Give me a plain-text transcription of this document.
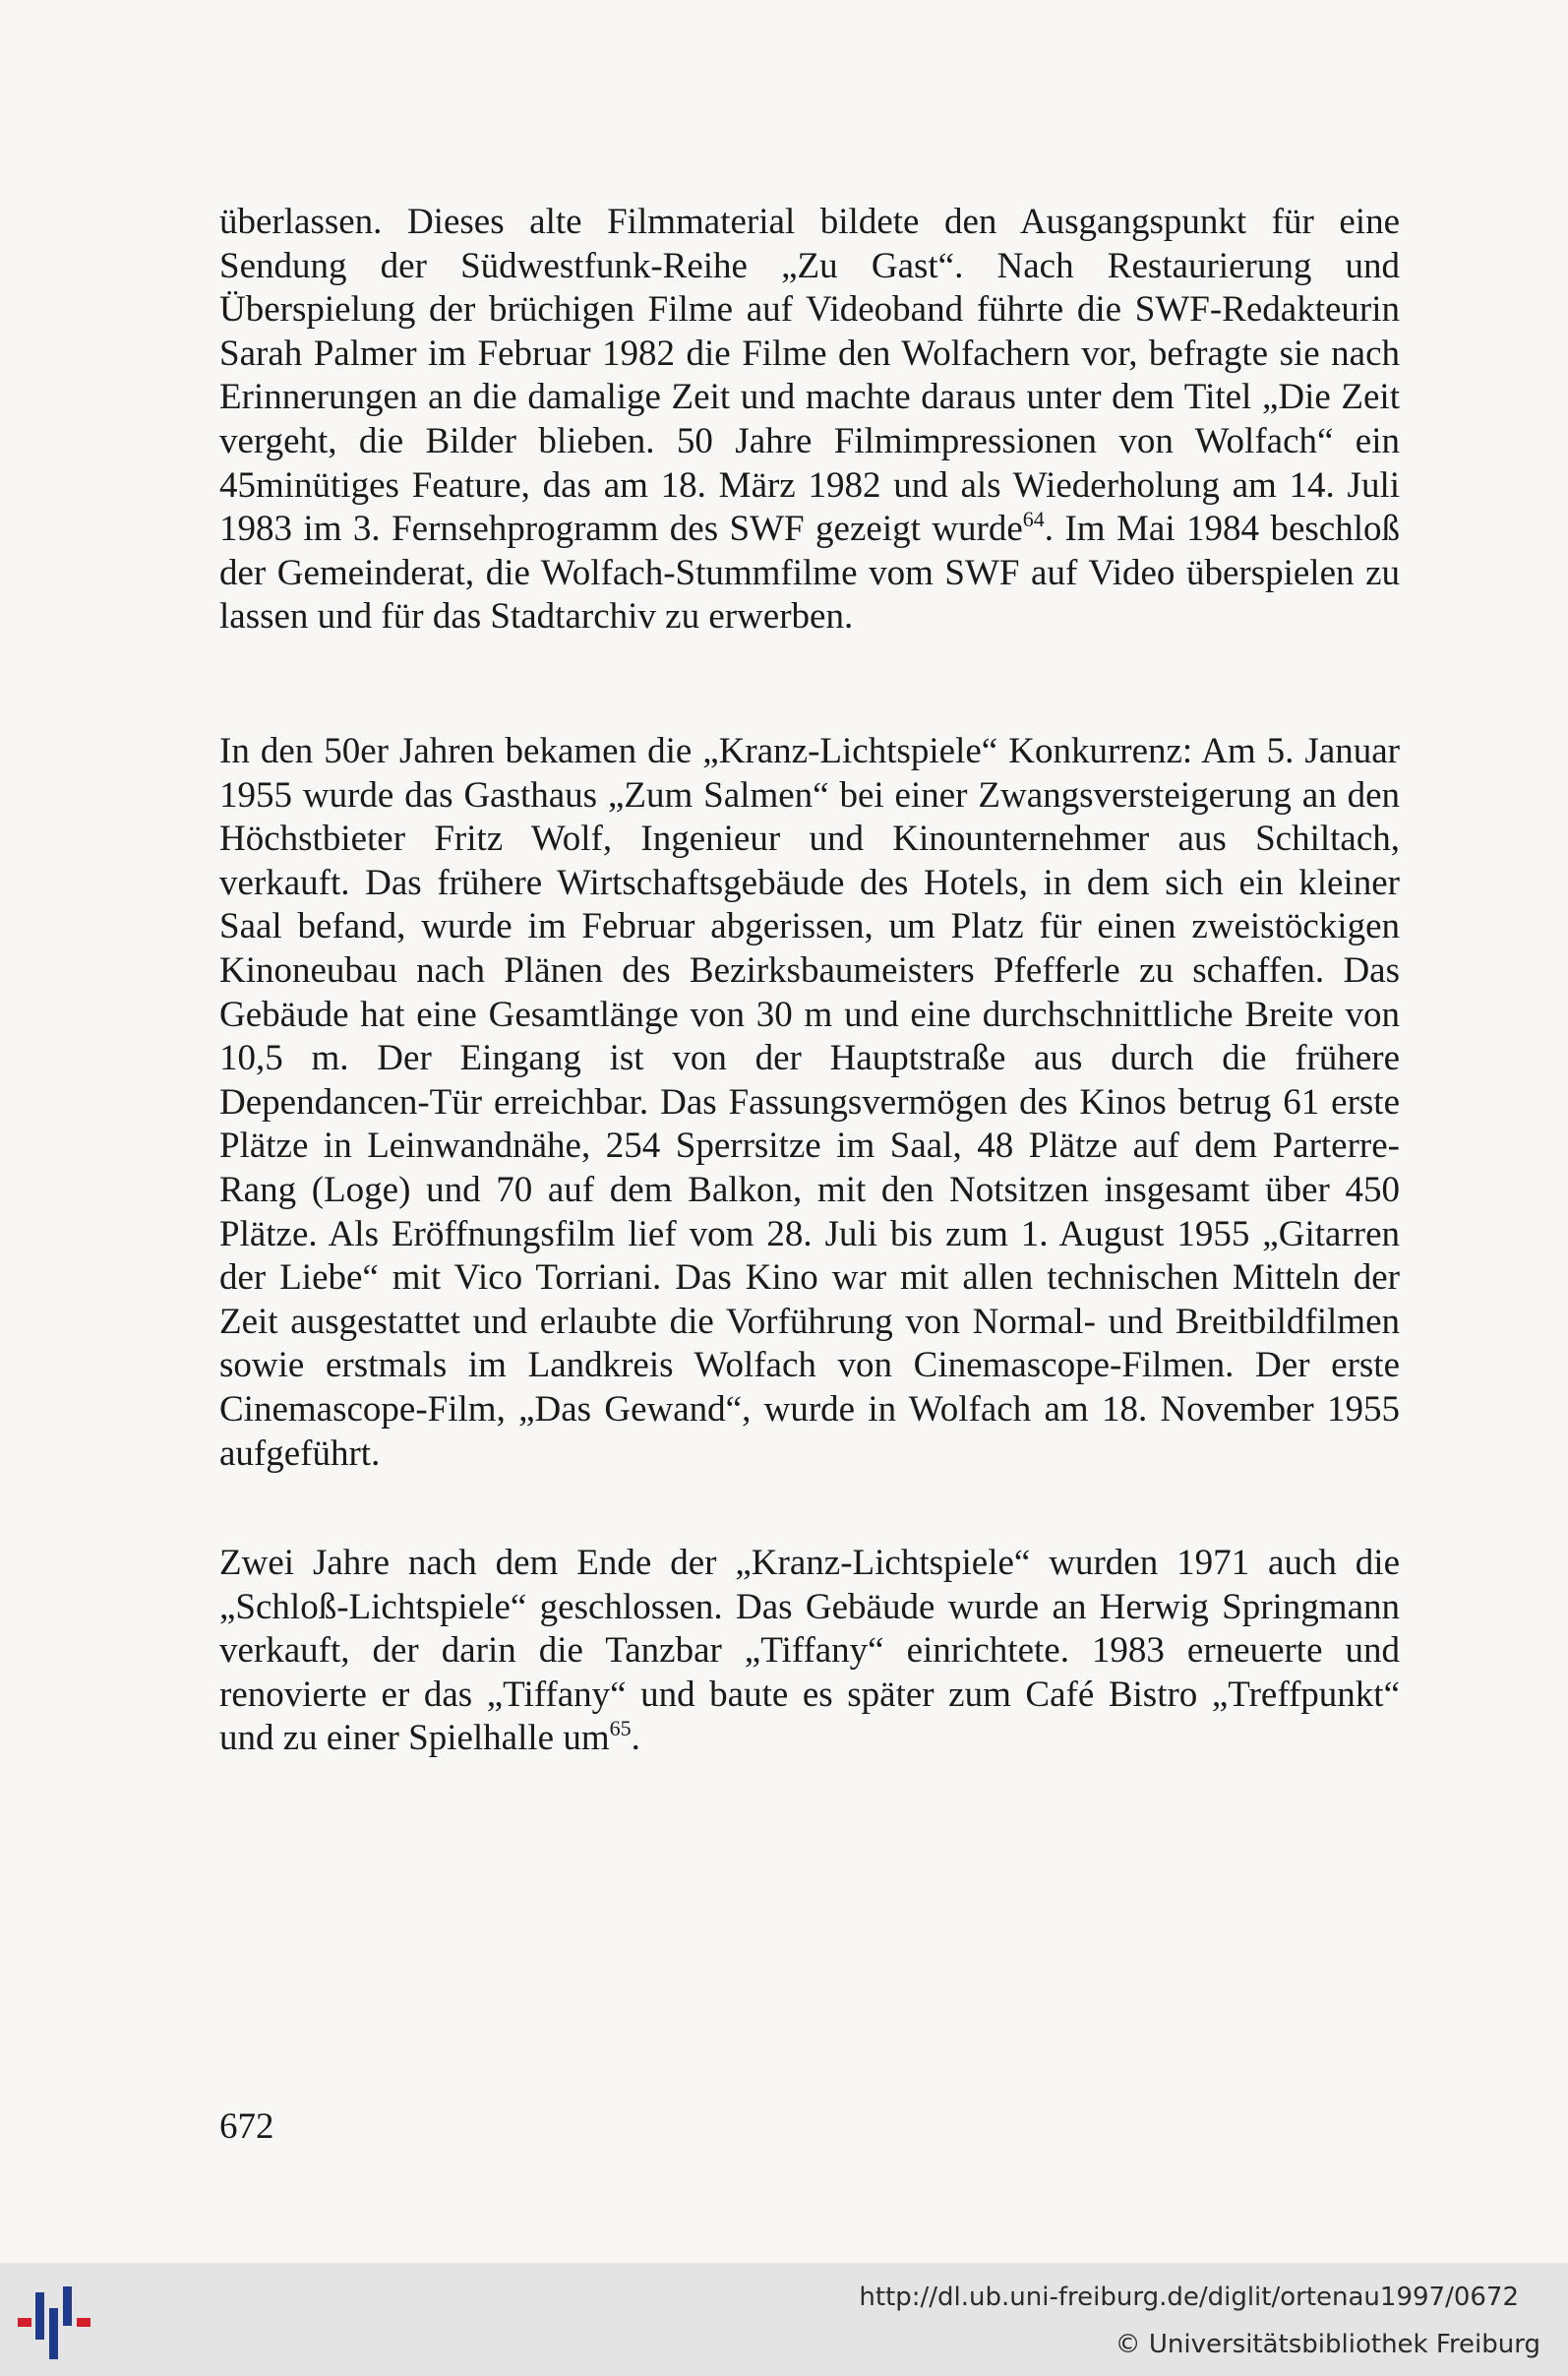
überlassen. Dieses alte Filmmaterial bildete den Ausgangspunkt für eine Sendung der Südwestfunk-Reihe „Zu Gast“. Nach Restaurierung und Überspielung der brüchigen Filme auf Videoband führte die SWF-Redakteurin Sarah Palmer im Februar 1982 die Filme den Wolfachern vor, befragte sie nach Erinnerungen an die damalige Zeit und machte daraus unter dem Titel „Die Zeit vergeht, die Bilder blieben. 50 Jahre Filmimpressionen von Wolfach“ ein 45minütiges Feature, das am 18. März 1982 und als Wiederholung am 14. Juli 1983 im 3. Fernsehprogramm des SWF gezeigt wurde$^{64}$. Im Mai 1984 beschloß der Gemeinderat, die Wolfach-Stummfilme vom SWF auf Video überspielen zu lassen und für das Stadtarchiv zu erwerben.

In den 50er Jahren bekamen die „Kranz-Lichtspiele“ Konkurrenz: Am 5. Januar 1955 wurde das Gasthaus „Zum Salmen“ bei einer Zwangsversteigerung an den Höchstbieter Fritz Wolf, Ingenieur und Kinounternehmer aus Schiltach, verkauft. Das frühere Wirtschaftsgebäude des Hotels, in dem sich ein kleiner Saal befand, wurde im Februar abgerissen, um Platz für einen zweistöckigen Kinoneubau nach Plänen des Bezirksbaumeisters Pfefferle zu schaffen. Das Gebäude hat eine Gesamtlänge von 30 m und eine durchschnittliche Breite von 10,5 m. Der Eingang ist von der Hauptstraße aus durch die frühere Dependancen-Tür erreichbar. Das Fassungsvermögen des Kinos betrug 61 erste Plätze in Leinwandnähe, 254 Sperrsitze im Saal, 48 Plätze auf dem Parterre-Rang (Loge) und 70 auf dem Balkon, mit den Notsitzen insgesamt über 450 Plätze. Als Eröffnungsfilm lief vom 28. Juli bis zum 1. August 1955 „Gitarren der Liebe“ mit Vico Torriani. Das Kino war mit allen technischen Mitteln der Zeit ausgestattet und erlaubte die Vorführung von Normal- und Breitbildfilmen sowie erstmals im Landkreis Wolfach von Cinemascope-Filmen. Der erste Cinemascope-Film, „Das Gewand“, wurde in Wolfach am 18. November 1955 aufgeführt.

Zwei Jahre nach dem Ende der „Kranz-Lichtspiele“ wurden 1971 auch die „Schloß-Lichtspiele“ geschlossen. Das Gebäude wurde an Herwig Springmann verkauft, der darin die Tanzbar „Tiffany“ einrichtete. 1983 erneuerte und renovierte er das „Tiffany“ und baute es später zum Café Bistro „Treffpunkt“ und zu einer Spielhalle $um^{65}$.

672
http://dl.ub.uni-freiburg.de/diglit/ortenau1997/0672
© Universitätsbibliothek Freiburg
